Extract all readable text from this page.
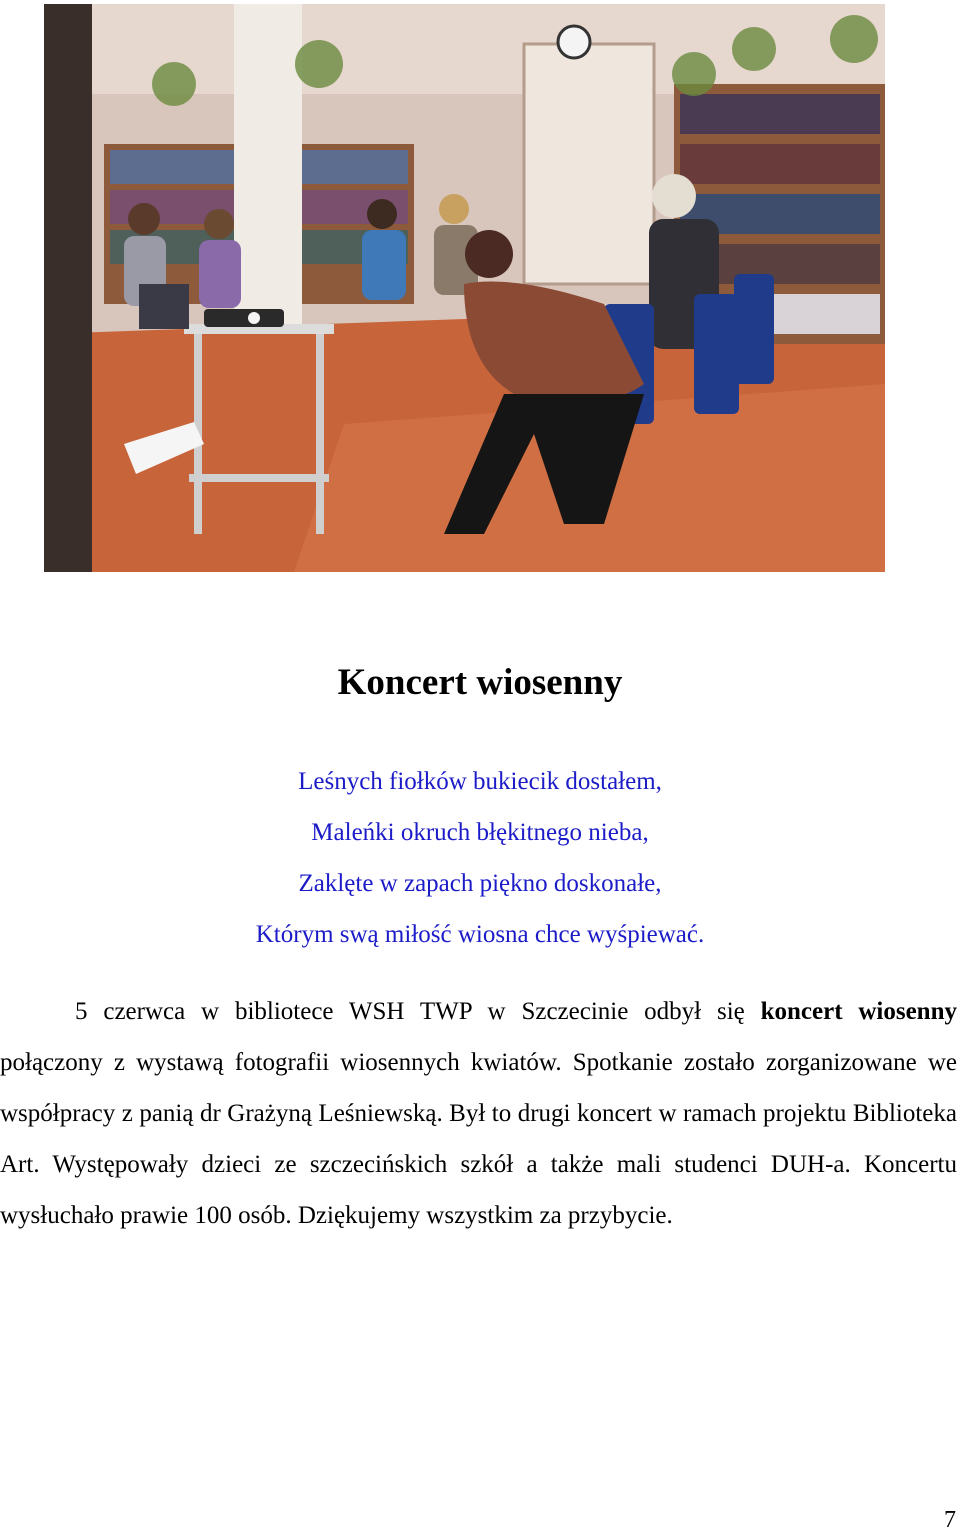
Koncert wiosenny
Leśnych fiołków bukiecik dostałem,
Maleńki okruch błękitnego nieba,
Zaklęte w zapach piękno doskonałe,
Którym swą miłość wiosna chce wyśpiewać.

5 czerwca w bibliotece WSH TWP w Szczecinie odbył się koncert wiosenny połączony z wystawą fotografii wiosennych kwiatów. Spotkanie zostało zorganizowane we współpracy z panią dr Grażyną Leśniewską. Był to drugi koncert w ramach projektu Biblioteka Art. Występowały dzieci ze szczecińskich szkół a także mali studenci DUH-a. Koncertu wysłuchało prawie 100 osób. Dziękujemy wszystkim za przybycie.

7
